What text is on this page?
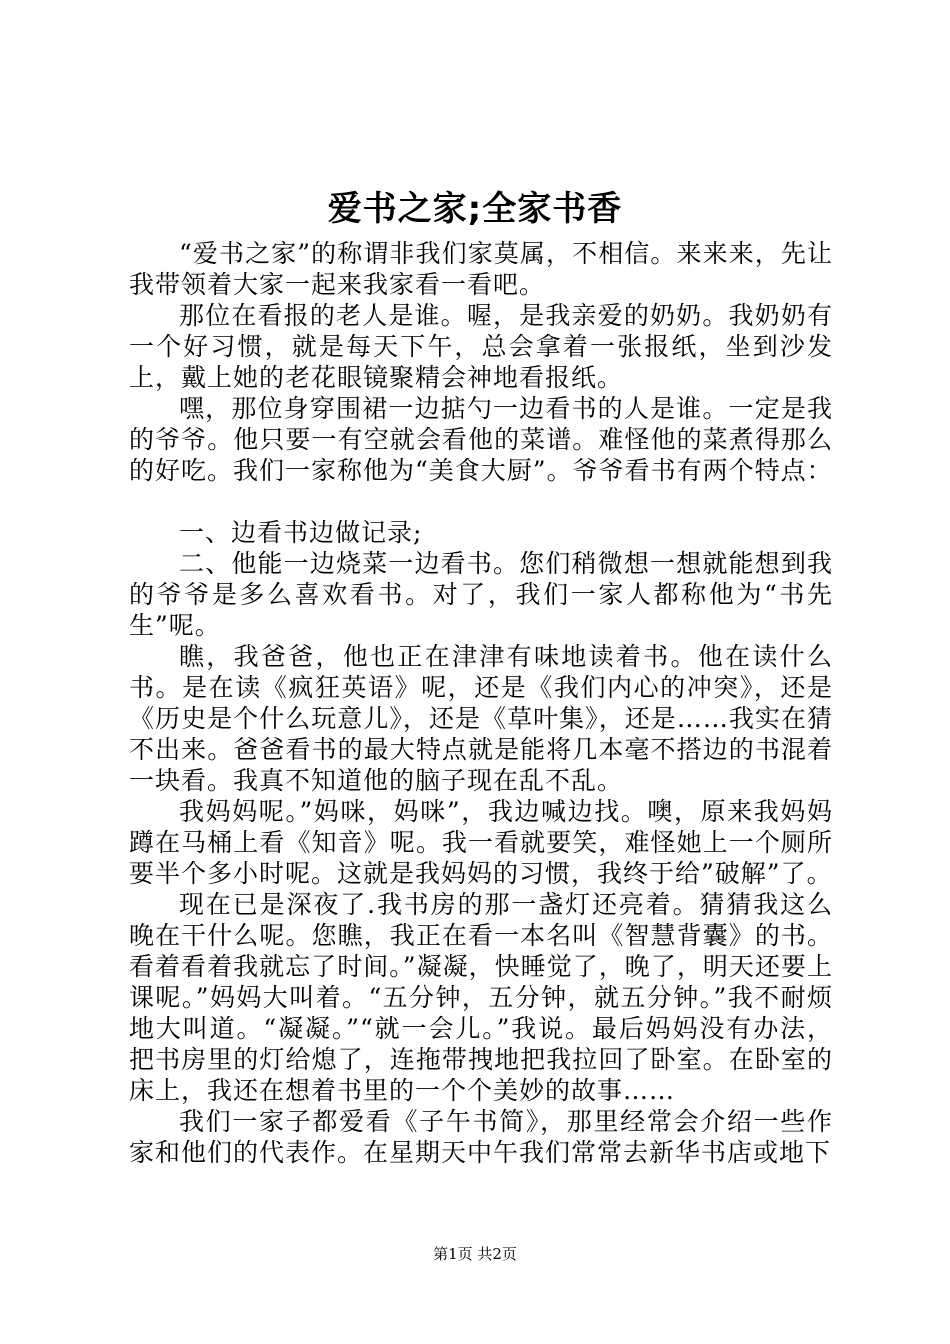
爱书之家;全家书香

“爱书之家”的称谓非我们家莫属，不相信。来来来，先让我带领着大家一起来我家看一看吧。

那位在看报的老人是谁。喔，是我亲爱的奶奶。我奶奶有一个好习惯，就是每天下午，总会拿着一张报纸，坐到沙发上，戴上她的老花眼镜聚精会神地看报纸。

嘿，那位身穿围裙一边掂勺一边看书的人是谁。一定是我的爷爷。他只要一有空就会看他的菜谱。难怪他的菜煮得那么的好吃。我们一家称他为“美食大厨”。爷爷看书有两个特点：

一、边看书边做记录;

二、他能一边烧菜一边看书。您们稍微想一想就能想到我的爷爷是多么喜欢看书。对了，我们一家人都称他为“书先生”呢。

瞧，我爸爸，他也正在津津有味地读着书。他在读什么书。是在读《疯狂英语》呢，还是《我们内心的冲突》，还是《历史是个什么玩意儿》，还是《草叶集》，还是……我实在猜不出来。爸爸看书的最大特点就是能将几本毫不搭边的书混着一块看。我真不知道他的脑子现在乱不乱。

我妈妈呢。”妈咪，妈咪”，我边喊边找。噢，原来我妈妈蹲在马桶上看《知音》呢。我一看就要笑，难怪她上一个厕所要半个多小时呢。这就是我妈妈的习惯，我终于给”破解”了。

现在已是深夜了.我书房的那一盏灯还亮着。猜猜我这么晚在干什么呢。您瞧，我正在看一本名叫《智慧背囊》的书。看着看着我就忘了时间。”凝凝，快睡觉了，晚了，明天还要上课呢。”妈妈大叫着。“五分钟，五分钟，就五分钟。”我不耐烦地大叫道。“凝凝。”“就一会儿。”我说。最后妈妈没有办法，把书房里的灯给熄了，连拖带拽地把我拉回了卧室。在卧室的床上，我还在想着书里的一个个美妙的故事……

我们一家子都爱看《子午书简》，那里经常会介绍一些作家和他们的代表作。在星期天中午我们常常去新华书店或地下

第1页 共2页
